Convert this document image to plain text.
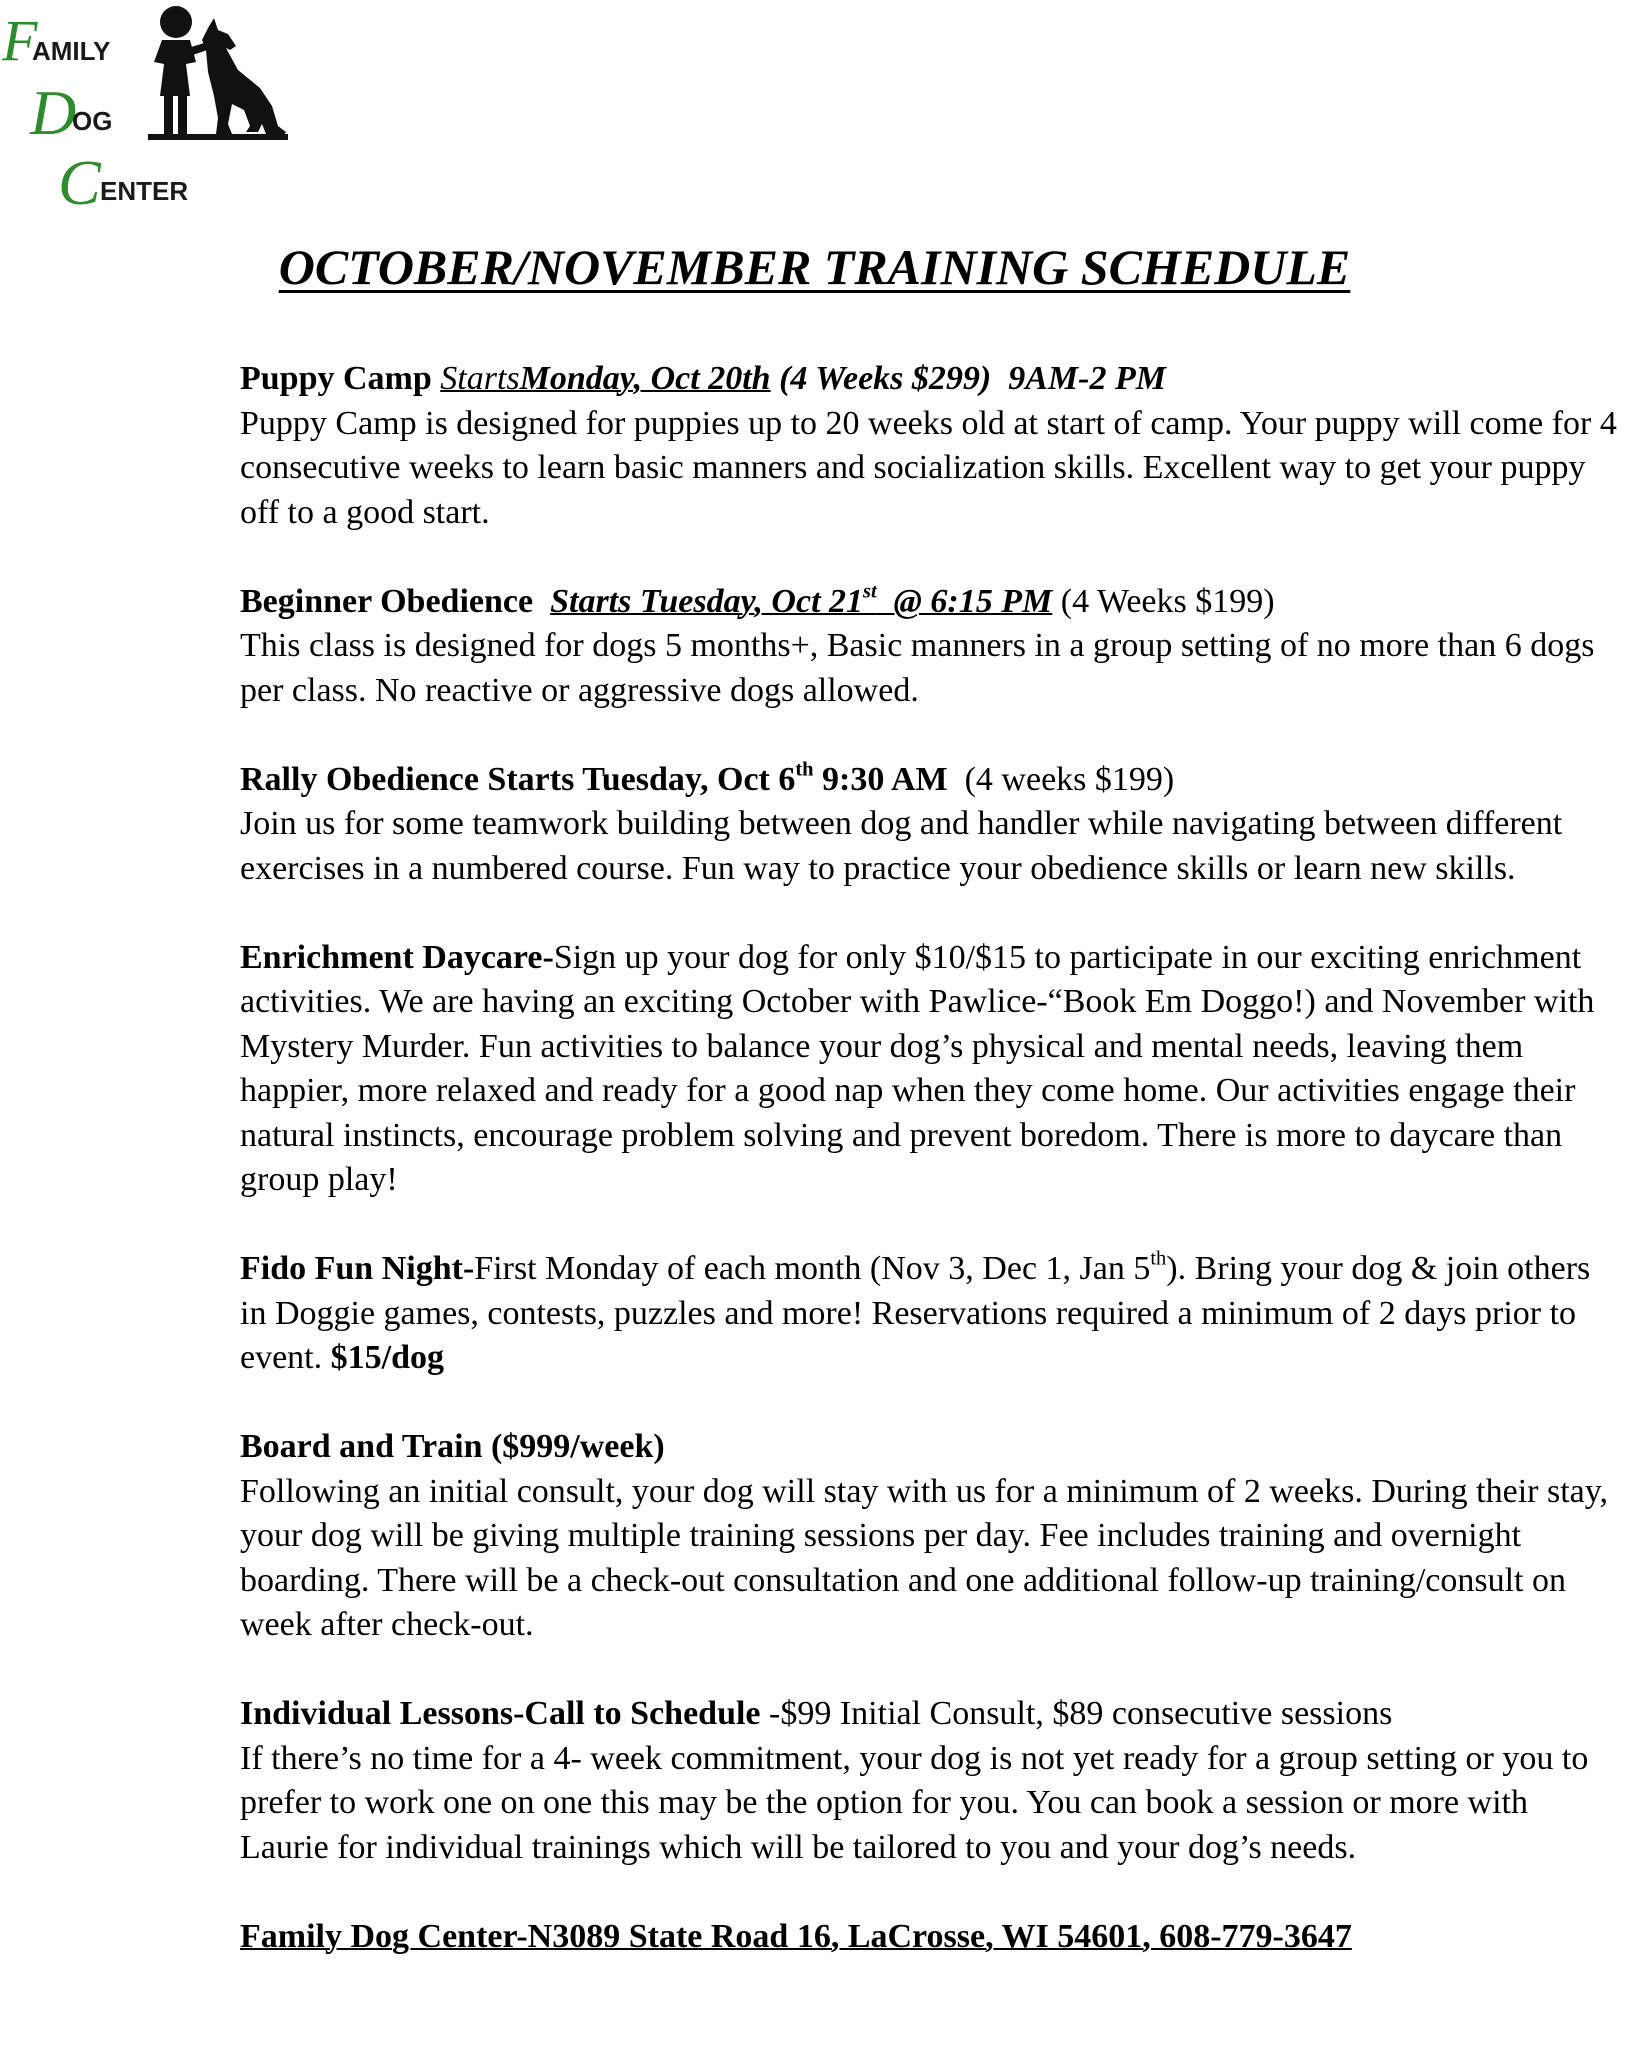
F
AMILY
D
OG
C ENTER
OCTOBER/NOVEMBER TRAINING SCHEDULE

Puppy Camp StartsMonday, Oct 20th (4 Weeks $299)  9AM-2 PM

Puppy Camp is designed for puppies up to 20 weeks old at start of camp. Your puppy will come for 4 consecutive weeks to learn basic manners and socialization skills. Excellent way to get your puppy off to a good start.

Beginner Obedience Starts Tuesday, Oct 21st  @ 6:15 PM (4 Weeks $199)

This class is designed for dogs 5 months+, Basic manners in a group setting of no more than 6 dogs per class. No reactive or aggressive dogs allowed.

Rally Obedience Starts Tuesday, Oct 6th 9:30 AM (4 weeks $199)

Join us for some teamwork building between dog and handler while navigating between different exercises in a numbered course. Fun way to practice your obedience skills or learn new skills.

Enrichment Daycare-Sign up your dog for only $10/$15 to participate in our exciting enrichment activities. We are having an exciting October with Pawlice-“Book Em Doggo!) and November with Mystery Murder. Fun activities to balance your dog’s physical and mental needs, leaving them happier, more relaxed and ready for a good nap when they come home. Our activities engage their natural instincts, encourage problem solving and prevent boredom. There is more to daycare than group play!

Fido Fun Night-First Monday of each month (Nov 3, Dec 1, Jan 5th). Bring your dog & join others in Doggie games, contests, puzzles and more! Reservations required a minimum of 2 days prior to event. $15/dog

Board and Train ($999/week)

Following an initial consult, your dog will stay with us for a minimum of 2 weeks. During their stay, your dog will be giving multiple training sessions per day. Fee includes training and overnight boarding. There will be a check-out consultation and one additional follow-up training/consult on week after check-out.

Individual Lessons-Call to Schedule -$99 Initial Consult, $89 consecutive sessions

If there’s no time for a 4- week commitment, your dog is not yet ready for a group setting or you to prefer to work one on one this may be the option for you. You can book a session or more with Laurie for individual trainings which will be tailored to you and your dog’s needs.

Family Dog Center-N3089 State Road 16, LaCrosse, WI 54601, 608-779-3647
